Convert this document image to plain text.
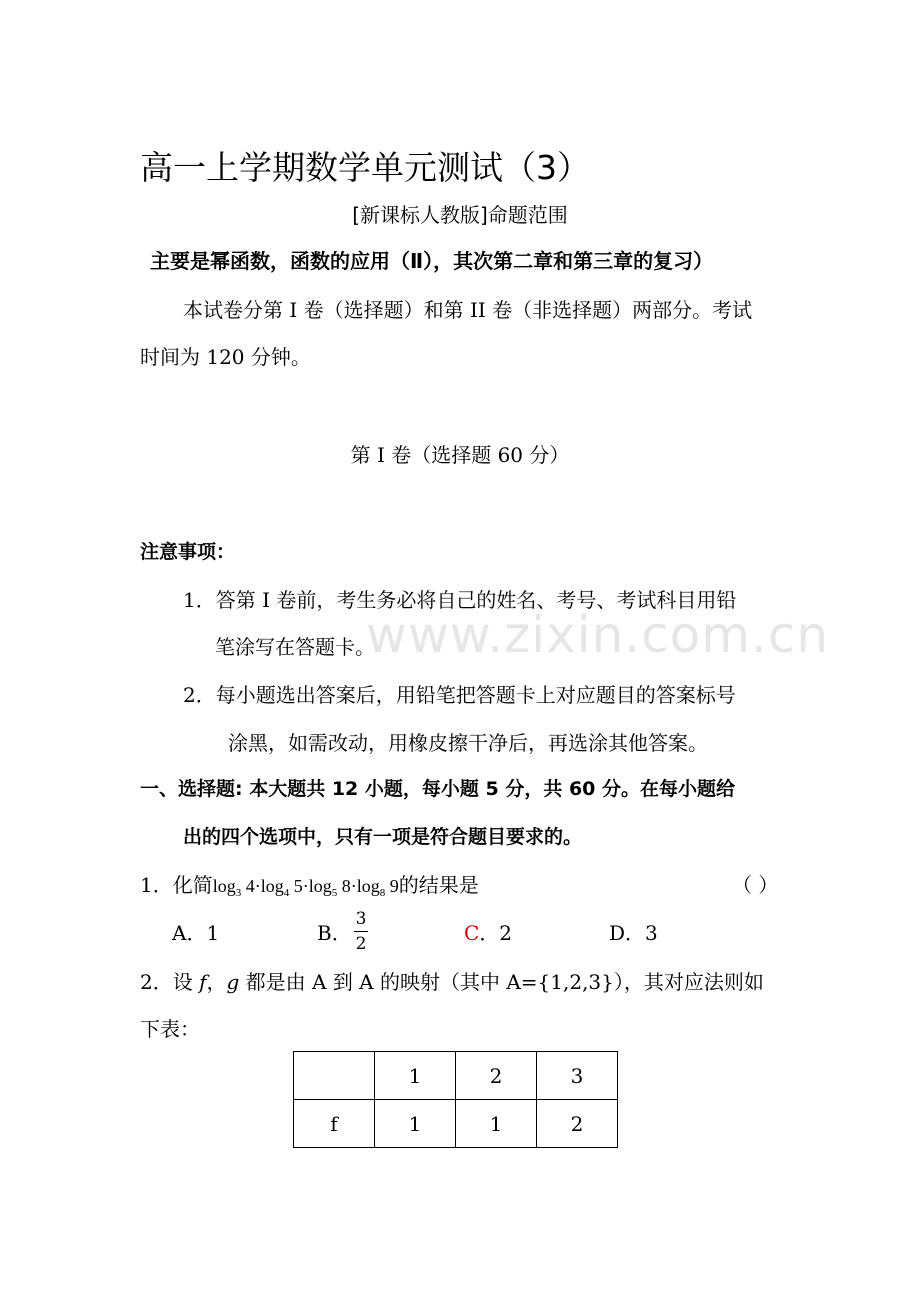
高一上学期数学单元测试（3）
[新课标人教版]命题范围
主要是幂函数，函数的应用（Ⅱ），其次第二章和第三章的复习）
本试卷分第 I 卷（选择题）和第 II 卷（非选择题）两部分。考试
时间为 120 分钟。
第 I 卷（选择题 60 分）
注意事项：
1．答第 I 卷前，考生务必将自己的姓名、考号、考试科目用铅
笔涂写在答题卡。
2．每小题选出答案后，用铅笔把答题卡上对应题目的答案标号
涂黑，如需改动，用橡皮擦干净后，再选涂其他答案。
www.zixin.com.cn
一、选择题: 本大题共 12 小题，每小题 5 分，共 60 分。在每小题给
出的四个选项中，只有一项是符合题目要求的。
1．化简$\log_3 4\cdot\log_4$ $5\cdot\log_5$ $8\cdot\log_8$ 9的结果是	（ ）
A．1	B．
3
2	C．2	D．3
2．设 f，g 都是由 A 到 A 的映射（其中 A={1,2,3}），其对应法则如
下表：
	1	2	3
f	1	1	2
